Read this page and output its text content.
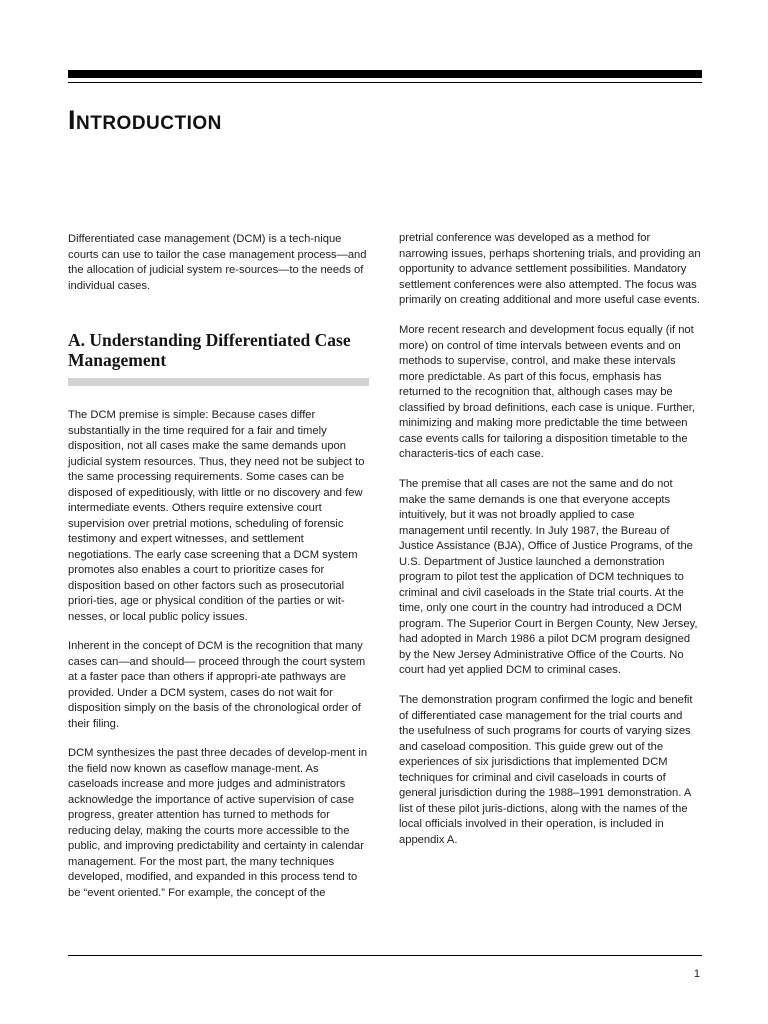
Introduction

Differentiated case management (DCM) is a tech-nique courts can use to tailor the case management process—and the allocation of judicial system re-sources—to the needs of individual cases.

A. Understanding Differentiated Case Management

The DCM premise is simple: Because cases differ substantially in the time required for a fair and timely disposition, not all cases make the same demands upon judicial system resources. Thus, they need not be subject to the same processing requirements. Some cases can be disposed of expeditiously, with little or no discovery and few intermediate events. Others require extensive court supervision over pretrial motions, scheduling of forensic testimony and expert witnesses, and settlement negotiations. The early case screening that a DCM system promotes also enables a court to prioritize cases for disposition based on other factors such as prosecutorial priori-ties, age or physical condition of the parties or wit-nesses, or local public policy issues.

Inherent in the concept of DCM is the recognition that many cases can—and should— proceed through the court system at a faster pace than others if appropri-ate pathways are provided. Under a DCM system, cases do not wait for disposition simply on the basis of the chronological order of their filing.

DCM synthesizes the past three decades of develop-ment in the field now known as caseflow manage-ment. As caseloads increase and more judges and administrators acknowledge the importance of active supervision of case progress, greater attention has turned to methods for reducing delay, making the courts more accessible to the public, and improving predictability and certainty in calendar management. For the most part, the many techniques developed, modified, and expanded in this process tend to be “event oriented.” For example, the concept of the

pretrial conference was developed as a method for narrowing issues, perhaps shortening trials, and providing an opportunity to advance settlement possibilities. Mandatory settlement conferences were also attempted. The focus was primarily on creating additional and more useful case events.

More recent research and development focus equally (if not more) on control of time intervals between events and on methods to supervise, control, and make these intervals more predictable. As part of this focus, emphasis has returned to the recognition that, although cases may be classified by broad definitions, each case is unique. Further, minimizing and making more predictable the time between case events calls for tailoring a disposition timetable to the characteris-tics of each case.

The premise that all cases are not the same and do not make the same demands is one that everyone accepts intuitively, but it was not broadly applied to case management until recently. In July 1987, the Bureau of Justice Assistance (BJA), Office of Justice Programs, of the U.S. Department of Justice launched a demonstration program to pilot test the application of DCM techniques to criminal and civil caseloads in the State trial courts. At the time, only one court in the country had introduced a DCM program. The Superior Court in Bergen County, New Jersey, had adopted in March 1986 a pilot DCM program designed by the New Jersey Administrative Office of the Courts. No court had yet applied DCM to criminal cases.

The demonstration program confirmed the logic and benefit of differentiated case management for the trial courts and the usefulness of such programs for courts of varying sizes and caseload composition. This guide grew out of the experiences of six jurisdictions that implemented DCM techniques for criminal and civil caseloads in courts of general jurisdiction during the 1988–1991 demonstration. A list of these pilot juris-dictions, along with the names of the local officials involved in their operation, is included in appendix A.

1
